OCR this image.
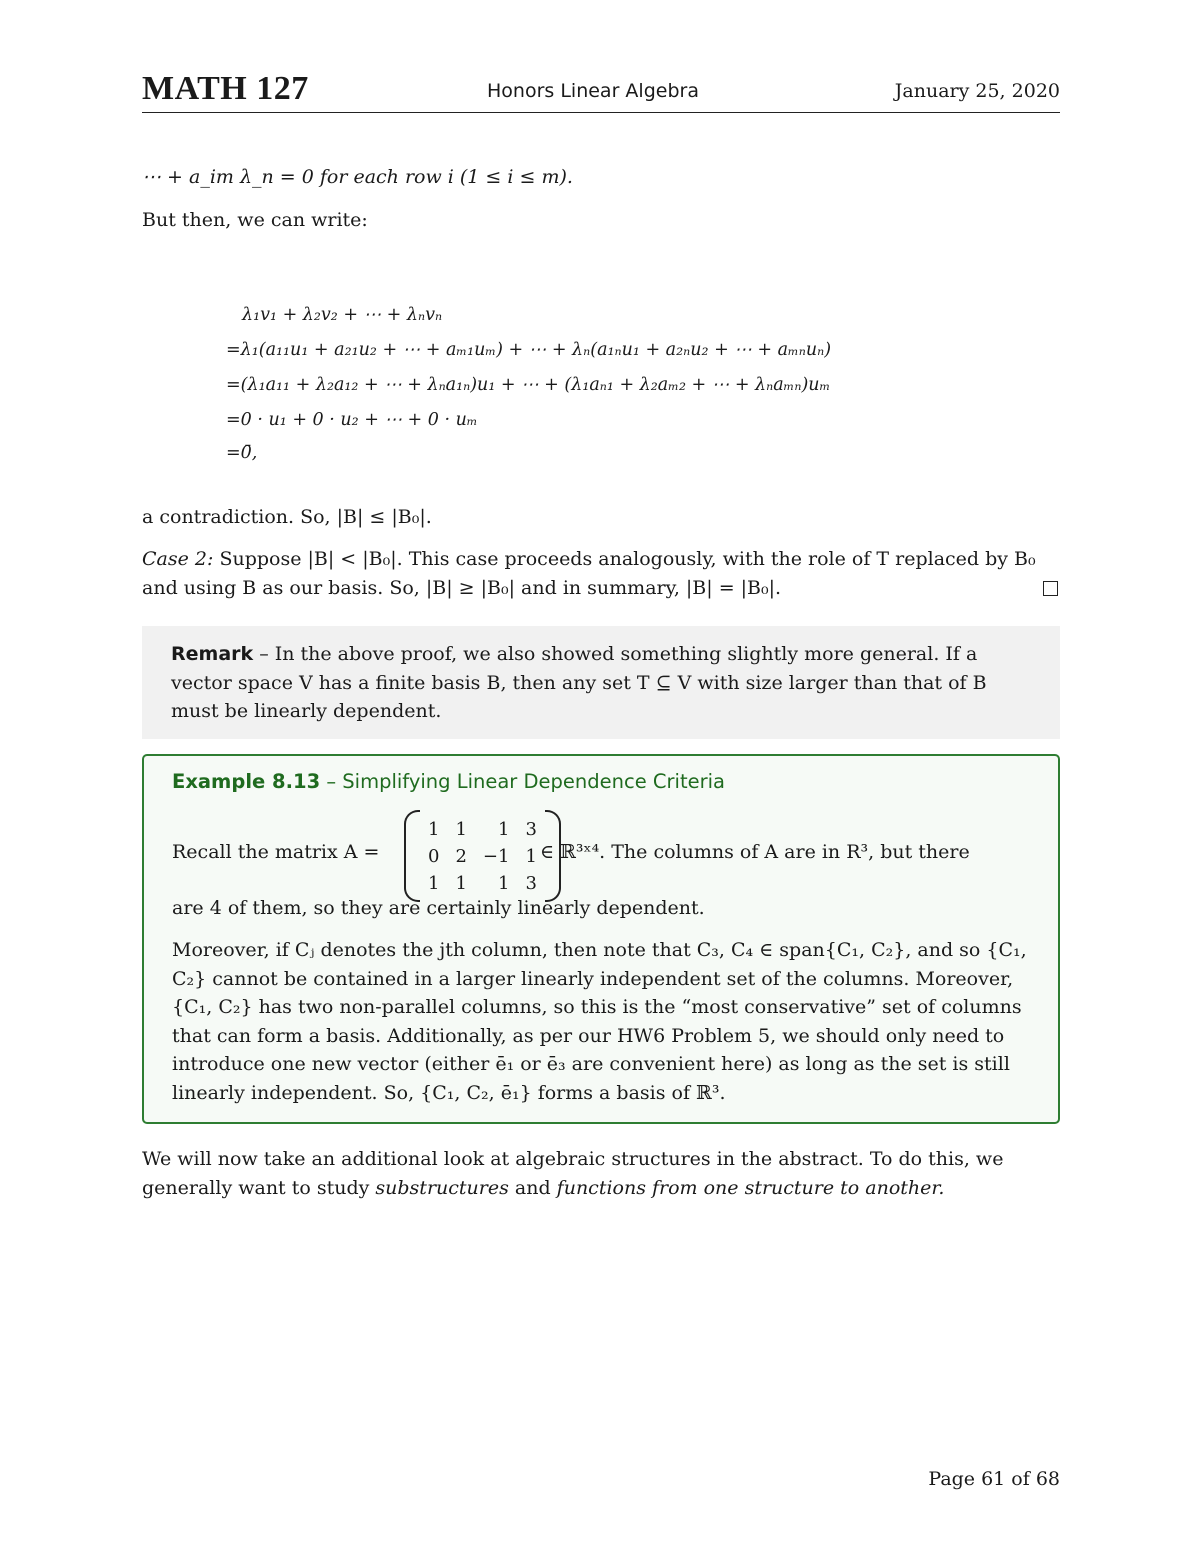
MATH 127	Honors Linear Algebra	January 25, 2020
⋯ + a_im λ_n = 0 for each row i (1 ≤ i ≤ m).
But then, we can write:
λ₁v₁ + λ₂v₂ + ⋯ + λₙvₙ
=λ₁(a₁₁u₁ + a₂₁u₂ + ⋯ + aₘ₁uₘ) + ⋯ + λₙ(a₁ₙu₁ + a₂ₙu₂ + ⋯ + aₘₙuₙ)
=(λ₁a₁₁ + λ₂a₁₂ + ⋯ + λₙa₁ₙ)u₁ + ⋯ + (λ₁aₙ₁ + λ₂aₘ₂ + ⋯ + λₙaₘₙ)uₘ
=0 · u₁ + 0 · u₂ + ⋯ + 0 · uₘ
=0̄,
a contradiction. So, |B| ≤ |B₀|.
Case 2: Suppose |B| < |B₀|. This case proceeds analogously, with the role of T replaced by B₀ and using B as our basis. So, |B| ≥ |B₀| and in summary, |B| = |B₀|.
Remark – In the above proof, we also showed something slightly more general. If a vector space V has a finite basis B, then any set T ⊆ V with size larger than that of B must be linearly dependent.
Example 8.13 – Simplifying Linear Dependence Criteria
Recall the matrix A =
1	1	1	3
0	2	−1	1
1	1	1	3
∈ ℝ³ˣ⁴. The columns of A are in R³, but there
are 4 of them, so they are certainly linearly dependent.
Moreover, if Cⱼ denotes the jth column, then note that C₃, C₄ ∈ span{C₁, C₂}, and so {C₁, C₂} cannot be contained in a larger linearly independent set of the columns. Moreover, {C₁, C₂} has two non-parallel columns, so this is the “most conservative” set of columns that can form a basis. Additionally, as per our HW6 Problem 5, we should only need to introduce one new vector (either ē₁ or ē₃ are convenient here) as long as the set is still linearly independent. So, {C₁, C₂, ē₁} forms a basis of ℝ³.
We will now take an additional look at algebraic structures in the abstract. To do this, we generally want to study substructures and functions from one structure to another.
Page 61 of 68
